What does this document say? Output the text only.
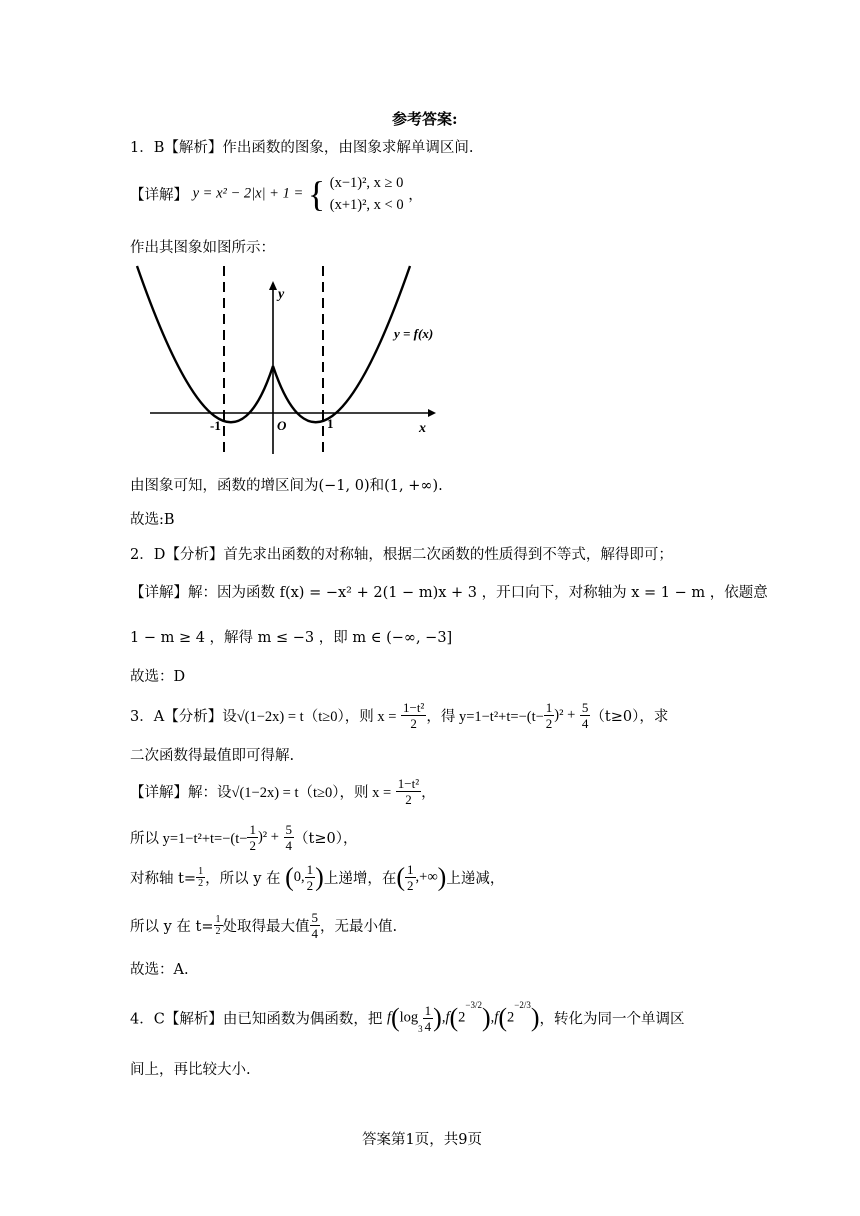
参考答案:
1．B【解析】作出函数的图象，由图象求解单调区间.
【详解】 y = x² − 2|x| + 1 = { (x−1)², x ≥ 0
(x+1)², x < 0
，
作出其图象如图所示：
y
x
O
-1	1
y = f(x)
由图象可知，函数的增区间为(−1, 0)和(1, +∞).
故选:B
2．D【分析】首先求出函数的对称轴，根据二次函数的性质得到不等式，解得即可；
【详解】解：因为函数 f(x) = −x² + 2(1 − m)x + 3 ，开口向下，对称轴为 x = 1 − m ，依题意
1 − m ≥ 4 ，解得 m ≤ −3 ，即 m ∈ (−∞, −3]
故选：D
3．A【分析】设√(1−2x) = t（t≥0），则 $x = \frac{\text{1−t²}}{2}$ ，得 $y=1-t^2+t=-(t- \frac{1}{2} )^2 + \frac{5}{4} (t\ge 0)$，求
二次函数得最值即可得解.
【详解】解：设√(1−2x) = t（t≥0），则 $x = \frac{\text{1−t²}}{2}$ ，
所以 $y=1-t^2+t=-(t- \frac{1}{2} )^2 + \frac{5}{4} (t\ge 0)$，
对称轴 $t= \frac{1}{2}$ ，所以 y 在 (0, $\frac{1}{2}$ )上递增，在( $\frac{1}{2}$ ,+∞)上递减，
所以 y 在 $t= \frac{1}{2}$ 处取得最大值 $\frac{5}{4}$ ，无最小值.
故选：A.
4．C【解析】由已知函数为偶函数，把 $f(\log_3 \frac{1}{4} ),f(2^{-3/2}),f(2^{-2/3})$，转化为同一个单调区
间上，再比较大小.
答案第1页，共9页
